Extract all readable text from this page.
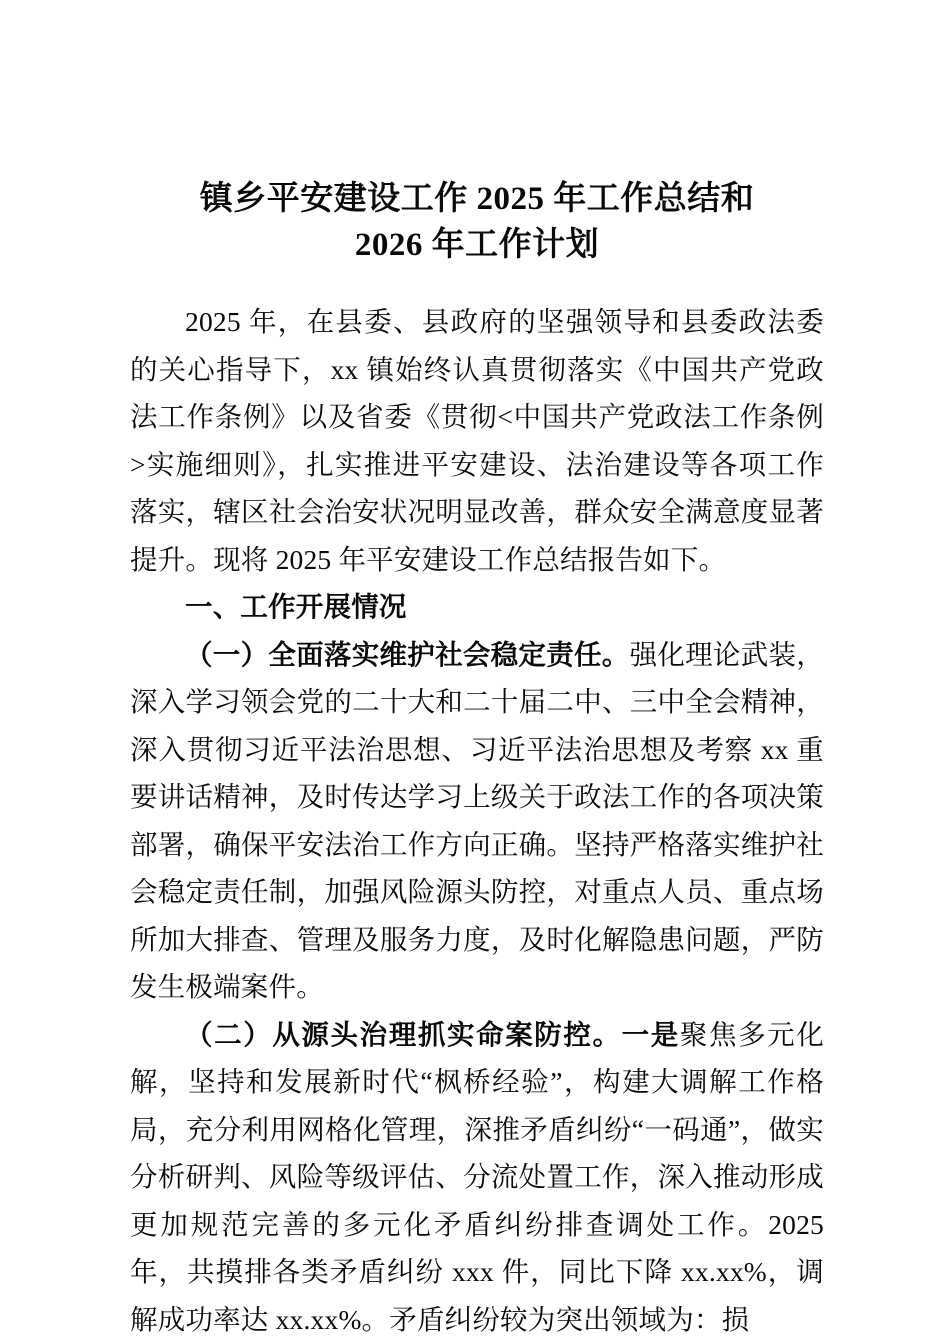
镇乡平安建设工作 2025 年工作总结和
2026 年工作计划

2025 年，在县委、县政府的坚强领导和县委政法委的关心指导下，xx 镇始终认真贯彻落实《中国共产党政法工作条例》以及省委《贯彻<中国共产党政法工作条例>实施细则》，扎实推进平安建设、法治建设等各项工作落实，辖区社会治安状况明显改善，群众安全满意度显著提升。现将 2025 年平安建设工作总结报告如下。

一、工作开展情况

（一）全面落实维护社会稳定责任。强化理论武装，深入学习领会党的二十大和二十届二中、三中全会精神，深入贯彻习近平法治思想、习近平法治思想及考察 xx 重要讲话精神，及时传达学习上级关于政法工作的各项决策部署，确保平安法治工作方向正确。坚持严格落实维护社会稳定责任制，加强风险源头防控，对重点人员、重点场所加大排查、管理及服务力度，及时化解隐患问题，严防发生极端案件。

（二）从源头治理抓实命案防控。一是聚焦多元化解，坚持和发展新时代“枫桥经验”，构建大调解工作格局，充分利用网格化管理，深推矛盾纠纷“一码通”，做实分析研判、风险等级评估、分流处置工作，深入推动形成更加规范完善的多元化矛盾纠纷排查调处工作。2025 年，共摸排各类矛盾纠纷 xxx 件，同比下降 xx.xx%，调解成功率达 xx.xx%。矛盾纠纷较为突出领域为：损
